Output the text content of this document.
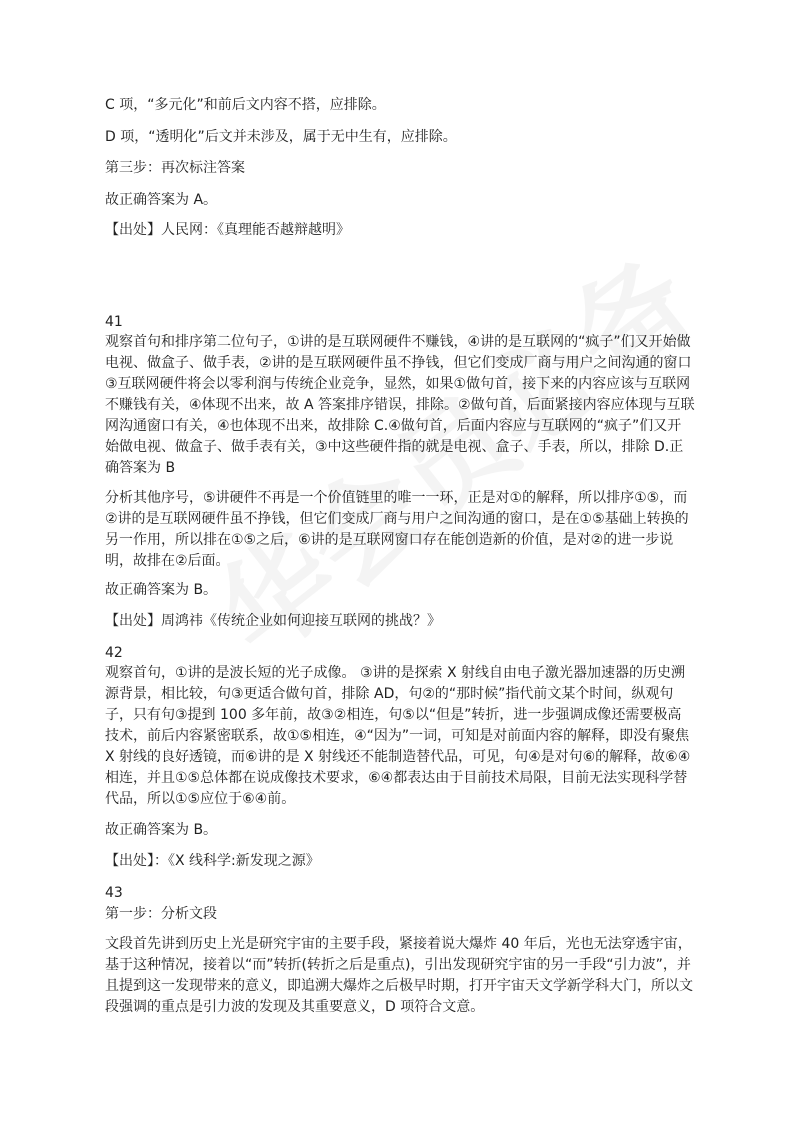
C 项，“多元化”和前后文内容不搭，应排除。
D 项，“透明化”后文并未涉及，属于无中生有，应排除。
第三步：再次标注答案
故正确答案为 A。
【出处】人民网：《真理能否越辩越明》
41
观察首句和排序第二位句子，①讲的是互联网硬件不赚钱，④讲的是互联网的“疯子”们又开始做电视、做盒子、做手表，②讲的是互联网硬件虽不挣钱，但它们变成厂商与用户之间沟通的窗口③互联网硬件将会以零利润与传统企业竞争，显然，如果①做句首，接下来的内容应该与互联网不赚钱有关，④体现不出来，故 A 答案排序错误，排除。②做句首，后面紧接内容应体现与互联网沟通窗口有关，④也体现不出来，故排除 C.④做句首，后面内容应与互联网的“疯子”们又开始做电视、做盒子、做手表有关，③中这些硬件指的就是电视、盒子、手表，所以，排除 D.正确答案为 B
分析其他序号，⑤讲硬件不再是一个价值链里的唯一一环，正是对①的解释，所以排序①⑤，而②讲的是互联网硬件虽不挣钱，但它们变成厂商与用户之间沟通的窗口，是在①⑤基础上转换的另一作用，所以排在①⑤之后，⑥讲的是互联网窗口存在能创造新的价值，是对②的进一步说明，故排在②后面。
故正确答案为 B。
【出处】周鸿祎《传统企业如何迎接互联网的挑战？》
42
观察首句，①讲的是波长短的光子成像。 ③讲的是探索 X 射线自由电子激光器加速器的历史溯源背景，相比较，句③更适合做句首，排除 AD，句②的“那时候”指代前文某个时间，纵观句子，只有句③提到 100 多年前，故③②相连，句⑤以“但是”转折，进一步强调成像还需要极高技术，前后内容紧密联系，故①⑤相连，④“因为”一词，可知是对前面内容的解释，即没有聚焦 X 射线的良好透镜，而⑥讲的是 X 射线还不能制造替代品，可见，句④是对句⑥的解释，故⑥④相连，并且①⑤总体都在说成像技术要求，⑥④都表达由于目前技术局限，目前无法实现科学替代品，所以①⑤应位于⑥④前。
故正确答案为 B。
【出处】：《X 线科学:新发现之源》
43
第一步：分析文段
文段首先讲到历史上光是研究宇宙的主要手段，紧接着说大爆炸 40 年后，光也无法穿透宇宙，基于这种情况，接着以“而”转折(转折之后是重点)，引出发现研究宇宙的另一手段“引力波”，并且提到这一发现带来的意义，即追溯大爆炸之后极早时期，打开宇宙天文学新学科大门，所以文段强调的重点是引力波的发现及其重要意义，D 项符合文意。
